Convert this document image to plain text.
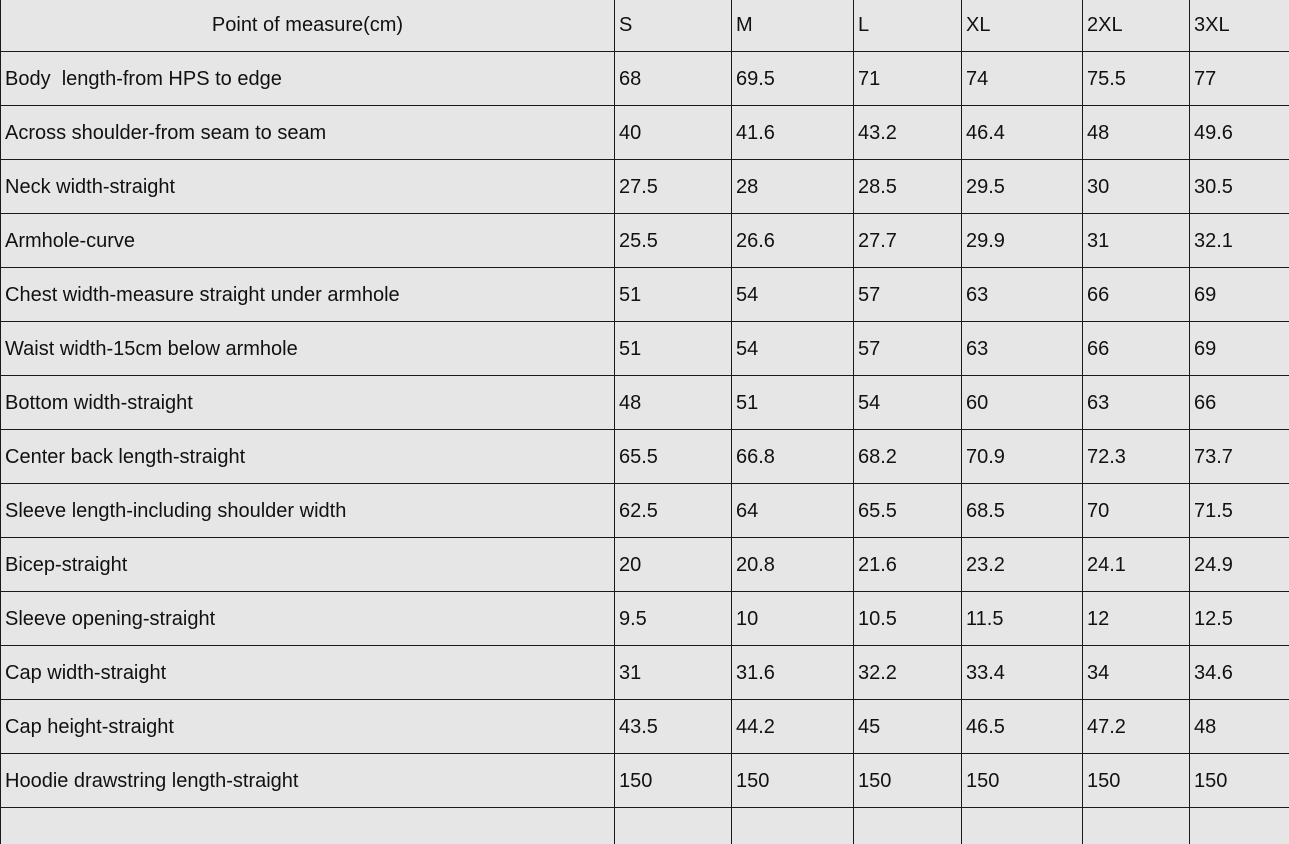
Point of measure(cm)	S	M	L	XL	2XL	3XL
Body  length-from HPS to edge	68	69.5	71	74	75.5	77
Across shoulder-from seam to seam	40	41.6	43.2	46.4	48	49.6
Neck width-straight	27.5	28	28.5	29.5	30	30.5
Armhole-curve	25.5	26.6	27.7	29.9	31	32.1
Chest width-measure straight under armhole	51	54	57	63	66	69
Waist width-15cm below armhole	51	54	57	63	66	69
Bottom width-straight	48	51	54	60	63	66
Center back length-straight	65.5	66.8	68.2	70.9	72.3	73.7
Sleeve length-including shoulder width	62.5	64	65.5	68.5	70	71.5
Bicep-straight	20	20.8	21.6	23.2	24.1	24.9
Sleeve opening-straight	9.5	10	10.5	11.5	12	12.5
Cap width-straight	31	31.6	32.2	33.4	34	34.6
Cap height-straight	43.5	44.2	45	46.5	47.2	48
Hoodie drawstring length-straight	150	150	150	150	150	150
